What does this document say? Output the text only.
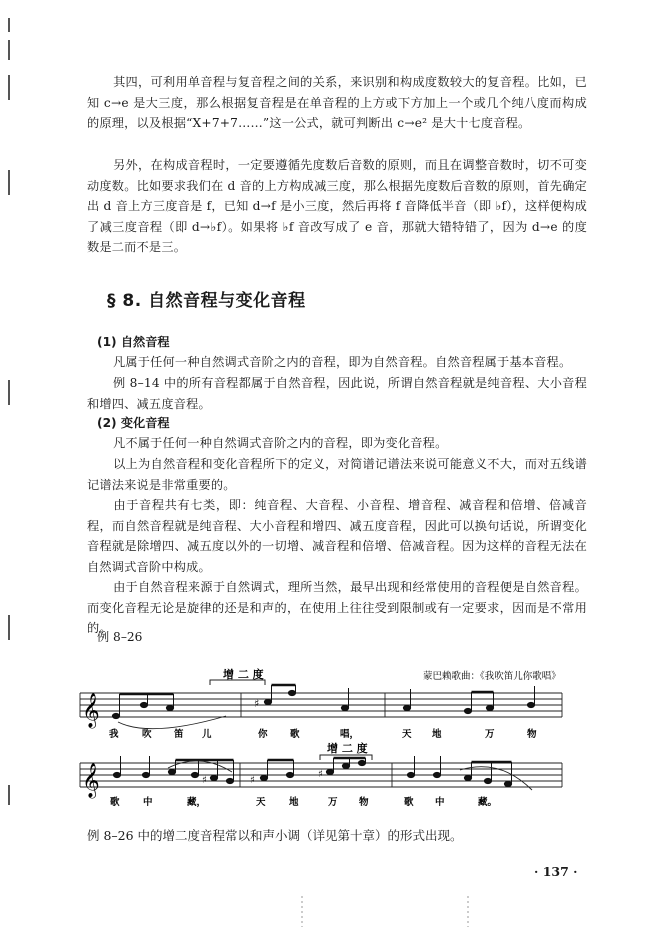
其四，可利用单音程与复音程之间的关系，来识别和构成度数较大的复音程。比如，已知 c→e 是大三度，那么根据复音程是在单音程的上方或下方加上一个或几个纯八度而构成的原理，以及根据“X+7+7……”这一公式，就可判断出 c→e² 是大十七度音程。

另外，在构成音程时，一定要遵循先度数后音数的原则，而且在调整音数时，切不可变动度数。比如要求我们在 d 音的上方构成减三度，那么根据先度数后音数的原则，首先确定出 d 音上方三度音是 f，已知 d→f 是小三度，然后再将 f 音降低半音（即 ♭f），这样便构成了减三度音程（即 d→♭f）。如果将 ♭f 音改写成了 e 音，那就大错特错了，因为 d→e 的度数是二而不是三。

§ 8. 自然音程与变化音程

(1) 自然音程

凡属于任何一种自然调式音阶之内的音程，即为自然音程。自然音程属于基本音程。

例 8–14 中的所有音程都属于自然音程，因此说，所谓自然音程就是纯音程、大小音程和增四、减五度音程。

(2) 变化音程

凡不属于任何一种自然调式音阶之内的音程，即为变化音程。

以上为自然音程和变化音程所下的定义，对简谱记谱法来说可能意义不大，而对五线谱记谱法来说是非常重要的。

由于音程共有七类，即：纯音程、大音程、小音程、增音程、减音程和倍增、倍减音程，而自然音程就是纯音程、大小音程和增四、减五度音程，因此可以换句话说，所谓变化音程就是除增四、减五度以外的一切增、减音程和倍增、倍减音程。因为这样的音程无法在自然调式音阶中构成。

由于自然音程来源于自然调式，理所当然，最早出现和经常使用的音程便是自然音程。而变化音程无论是旋律的还是和声的，在使用上往往受到限制或有一定要求，因而是不常用的。

例 8–26

增 二 度	蒙巴赖歌曲：《我吹笛儿你歌唱》
𝄞	♯
我 吹 笛 儿	你 歌	唱，	天 地	万	物
增 二 度
𝄞	♯	♯
♯
歌 中	藏，	天 地	万 物	歌 中	藏。

例 8–26 中的增二度音程常以和声小调（详见第十章）的形式出现。

· 137 ·
